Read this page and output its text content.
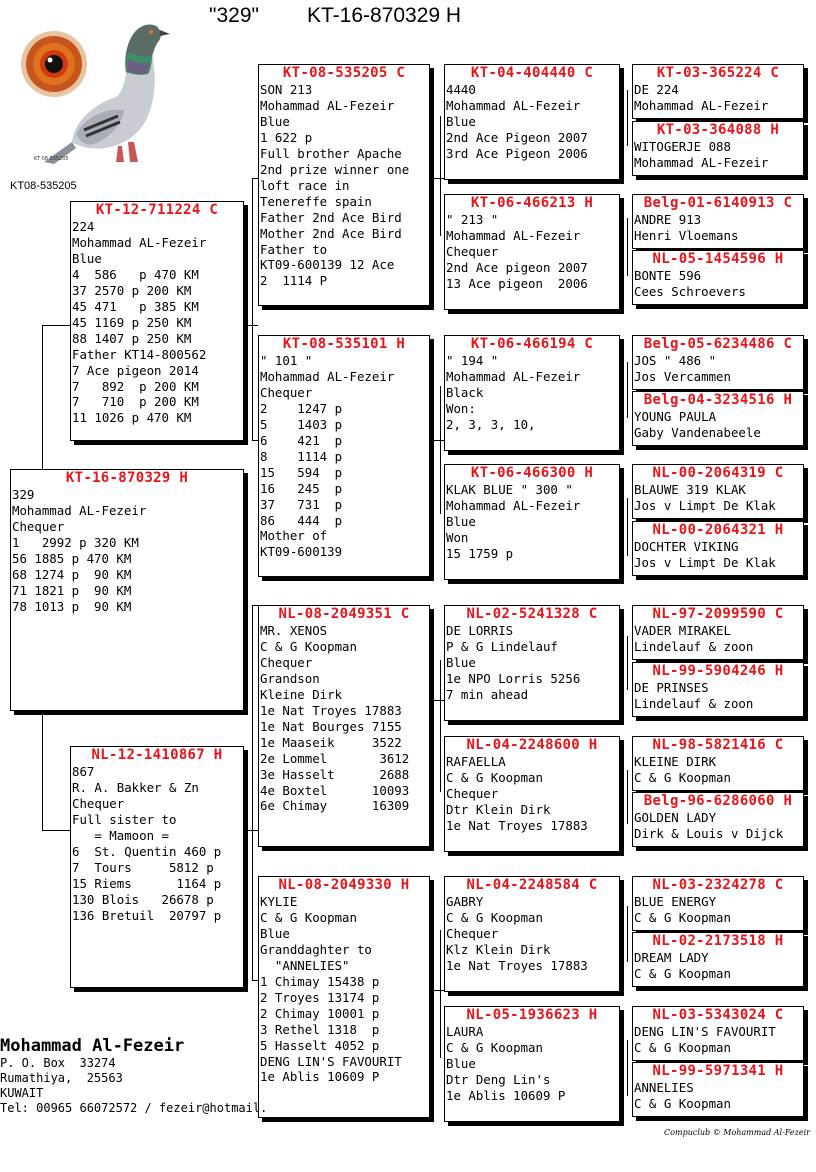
"329" KT-16-870329 H
KT 08 535205
KT08-535205
KT-16-870329 H
329
Mohammad AL-Fezeir
Chequer
1   2992 p 320 KM
56 1885 p 470 KM
68 1274 p  90 KM
71 1821 p  90 KM
78 1013 p  90 KM
KT-12-711224 C
224
Mohammad AL-Fezeir
Blue
4  586   p 470 KM
37 2570 p 200 KM
45 471   p 385 KM
45 1169 p 250 KM
88 1407 p 250 KM
Father KT14-800562
7 Ace pigeon 2014
7   892  p 200 KM
7   710  p 200 KM
11 1026 p 470 KM
NL-12-1410867 H
867
R. A. Bakker & Zn
Chequer
Full sister to
= Mamoon =
6  St. Quentin 460 p
7  Tours     5812 p
15 Riems      1164 p
130 Blois   26678 p
136 Bretuil  20797 p
KT-08-535205 C
SON 213
Mohammad AL-Fezeir
Blue
1 622 p
Full brother Apache
2nd prize winner one
loft race in
Tenereffe spain
Father 2nd Ace Bird
Mother 2nd Ace Bird
Father to
KT09-600139 12 Ace
2  1114 P
KT-08-535101 H
" 101 "
Mohammad AL-Fezeir
Chequer
2    1247 p
5    1403 p
6    421  p
8    1114 p
15   594  p
16   245  p
37   731  p
86   444  p
Mother of
KT09-600139
NL-08-2049351 C
MR. XENOS
C & G Koopman
Chequer
Grandson
Kleine Dirk
1e Nat Troyes 17883
1e Nat Bourges 7155
1e Maaseik     3522
2e Lommel       3612
3e Hasselt      2688
4e Boxtel      10093
6e Chimay      16309
NL-08-2049330 H
KYLIE
C & G Koopman
Blue
Granddaghter to
"ANNELIES"
1 Chimay 15438 p
2 Troyes 13174 p
2 Chimay 10001 p
3 Rethel 1318  p
5 Hasselt 4052 p
DENG LIN'S FAVOURIT
1e Ablis 10609 P
KT-04-404440 C
4440
Mohammad AL-Fezeir
Blue
2nd Ace Pigeon 2007
3rd Ace Pigeon 2006
KT-06-466213 H
" 213 "
Mohammad AL-Fezeir
Chequer
2nd Ace pigeon 2007
13 Ace pigeon  2006
KT-06-466194 C
" 194 "
Mohammad AL-Fezeir
Black
Won:
2, 3, 3, 10,
KT-06-466300 H
KLAK BLUE " 300 "
Mohammad AL-Fezeir
Blue
Won
15 1759 p
NL-02-5241328 C
DE LORRIS
P & G Lindelauf
Blue
1e NPO Lorris 5256
7 min ahead
NL-04-2248600 H
RAFAELLA
C & G Koopman
Chequer
Dtr Klein Dirk
1e Nat Troyes 17883
NL-04-2248584 C
GABRY
C & G Koopman
Chequer
Klz Klein Dirk
1e Nat Troyes 17883
NL-05-1936623 H
LAURA
C & G Koopman
Blue
Dtr Deng Lin's
1e Ablis 10609 P
KT-03-365224 C
DE 224
Mohammad AL-Fezeir
KT-03-364088 H
WITOGERJE 088
Mohammad AL-Fezeir
Belg-01-6140913 C
ANDRE 913
Henri Vloemans
NL-05-1454596 H
BONTE 596
Cees Schroevers
Belg-05-6234486 C
JOS " 486 "
Jos Vercammen
Belg-04-3234516 H
YOUNG PAULA
Gaby Vandenabeele
NL-00-2064319 C
BLAUWE 319 KLAK
Jos v Limpt De Klak
NL-00-2064321 H
DOCHTER VIKING
Jos v Limpt De Klak
NL-97-2099590 C
VADER MIRAKEL
Lindelauf & zoon
NL-99-5904246 H
DE PRINSES
Lindelauf & zoon
NL-98-5821416 C
KLEINE DIRK
C & G Koopman
Belg-96-6286060 H
GOLDEN LADY
Dirk & Louis v Dijck
NL-03-2324278 C
BLUE ENERGY
C & G Koopman
NL-02-2173518 H
DREAM LADY
C & G Koopman
NL-03-5343024 C
DENG LIN'S FAVOURIT
C & G Koopman
NL-99-5971341 H
ANNELIES
C & G Koopman
Mohammad Al-Fezeir
P. O. Box  33274
Rumathiya,  25563
KUWAIT
Tel: 00965 66072572 / fezeir@hotmail.
Compuclub © Mohammad Al-Fezeir
